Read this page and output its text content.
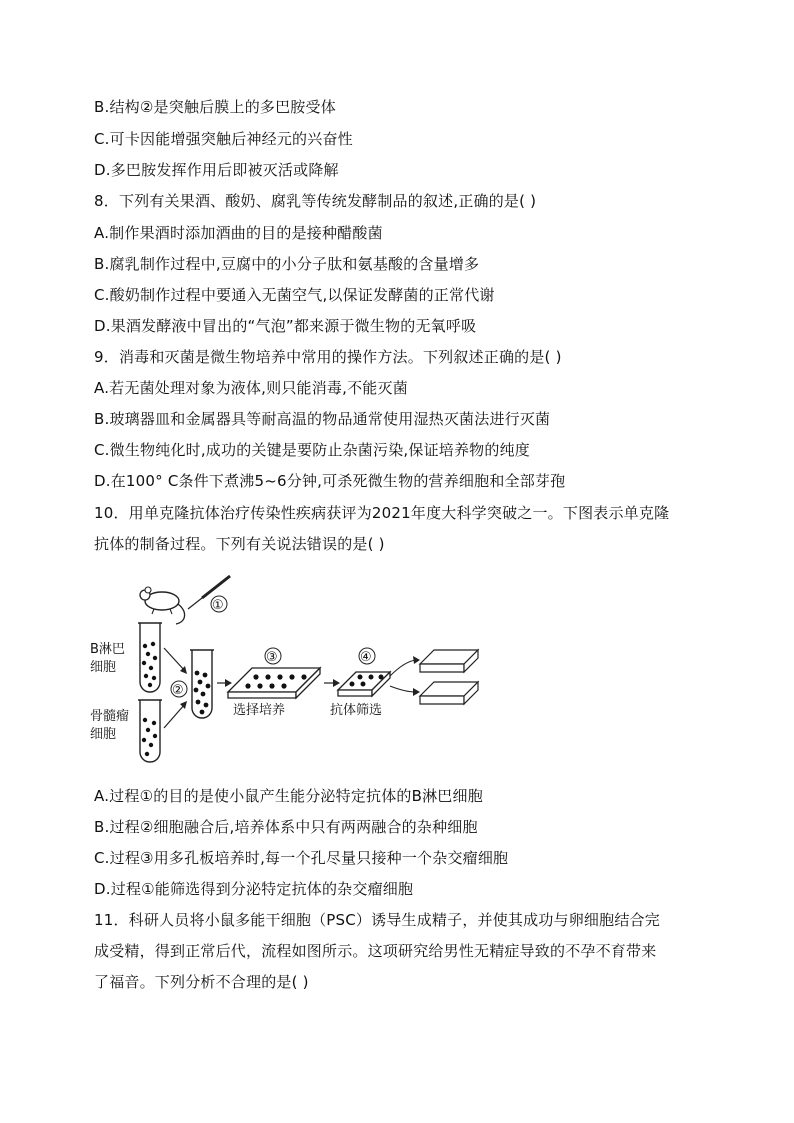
B.结构②是突触后膜上的多巴胺受体
C.可卡因能增强突触后神经元的兴奋性
D.多巴胺发挥作用后即被灭活或降解
8．下列有关果酒、酸奶、腐乳等传统发酵制品的叙述,正确的是( )
A.制作果酒时添加酒曲的目的是接种醋酸菌
B.腐乳制作过程中,豆腐中的小分子肽和氨基酸的含量增多
C.酸奶制作过程中要通入无菌空气,以保证发酵菌的正常代谢
D.果酒发酵液中冒出的“气泡”都来源于微生物的无氧呼吸
9．消毒和灭菌是微生物培养中常用的操作方法。下列叙述正确的是( )
A.若无菌处理对象为液体,则只能消毒,不能灭菌
B.玻璃器皿和金属器具等耐高温的物品通常使用湿热灭菌法进行灭菌
C.微生物纯化时,成功的关键是要防止杂菌污染,保证培养物的纯度
D.在100° C条件下煮沸5~6分钟,可杀死微生物的营养细胞和全部芽孢
10．用单克隆抗体治疗传染性疾病获评为2021年度大科学突破之一。下图表示单克隆
抗体的制备过程。下列有关说法错误的是( )
①
B淋巴
细胞
骨髓瘤
细胞
②
③
选择培养
④
抗体筛选
A.过程①的目的是使小鼠产生能分泌特定抗体的B淋巴细胞
B.过程②细胞融合后,培养体系中只有两两融合的杂种细胞
C.过程③用多孔板培养时,每一个孔尽量只接种一个杂交瘤细胞
D.过程①能筛选得到分泌特定抗体的杂交瘤细胞
11．科研人员将小鼠多能干细胞（PSC）诱导生成精子，并使其成功与卵细胞结合完
成受精，得到正常后代，流程如图所示。这项研究给男性无精症导致的不孕不育带来
了福音。下列分析不合理的是( )
